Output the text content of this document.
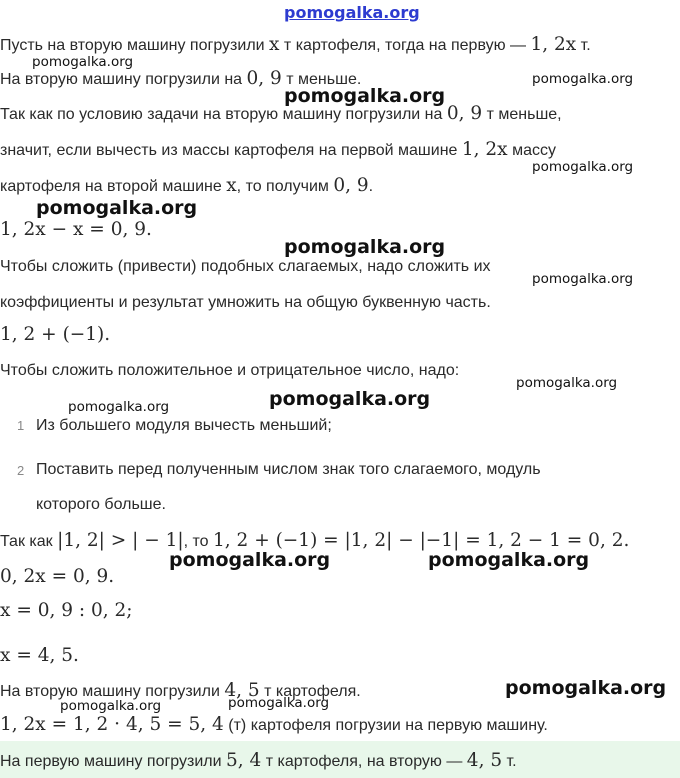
pomogalka.org
pomogalka.org
pomogalka.org
pomogalka.org
pomogalka.org
pomogalka.org
pomogalka.org
pomogalka.org
pomogalka.org
pomogalka.org	pomogalka.org
pomogalka.org	pomogalka.org
pomogalka.org
pomogalka.org	pomogalka.org
Пусть на вторую машину погрузили x т картофеля, тогда на первую — 1, 2x т.
На вторую машину погрузили на 0, 9 т меньше.
Так как по условию задачи на вторую машину погрузили на 0, 9 т меньше,
значит, если вычесть из массы картофеля на первой машине 1, 2x массу
картофеля на второй машине x, то получим 0, 9.
1, 2x − x = 0, 9.
Чтобы сложить (привести) подобных слагаемых, надо сложить их
коэффициенты и результат умножить на общую буквенную часть.
1, 2 + (−1).
Чтобы сложить положительное и отрицательное число, надо:
1 Из большего модуля вычесть меньший;
2 Поставить перед полученным числом знак того слагаемого, модуль
которого больше.
Так как |1, 2| > | − 1|, то 1, 2 + (−1) = |1, 2| − |−1| = 1, 2 − 1 = 0, 2.
0, 2x = 0, 9.
x = 0, 9 : 0, 2;
x = 4, 5.
На вторую машину погрузили 4, 5 т картофеля.
1, 2x = 1, 2 · 4, 5 = 5, 4 (т) картофеля погрузии на первую машину.
На первую машину погрузили 5, 4 т картофеля, на вторую — 4, 5 т.
